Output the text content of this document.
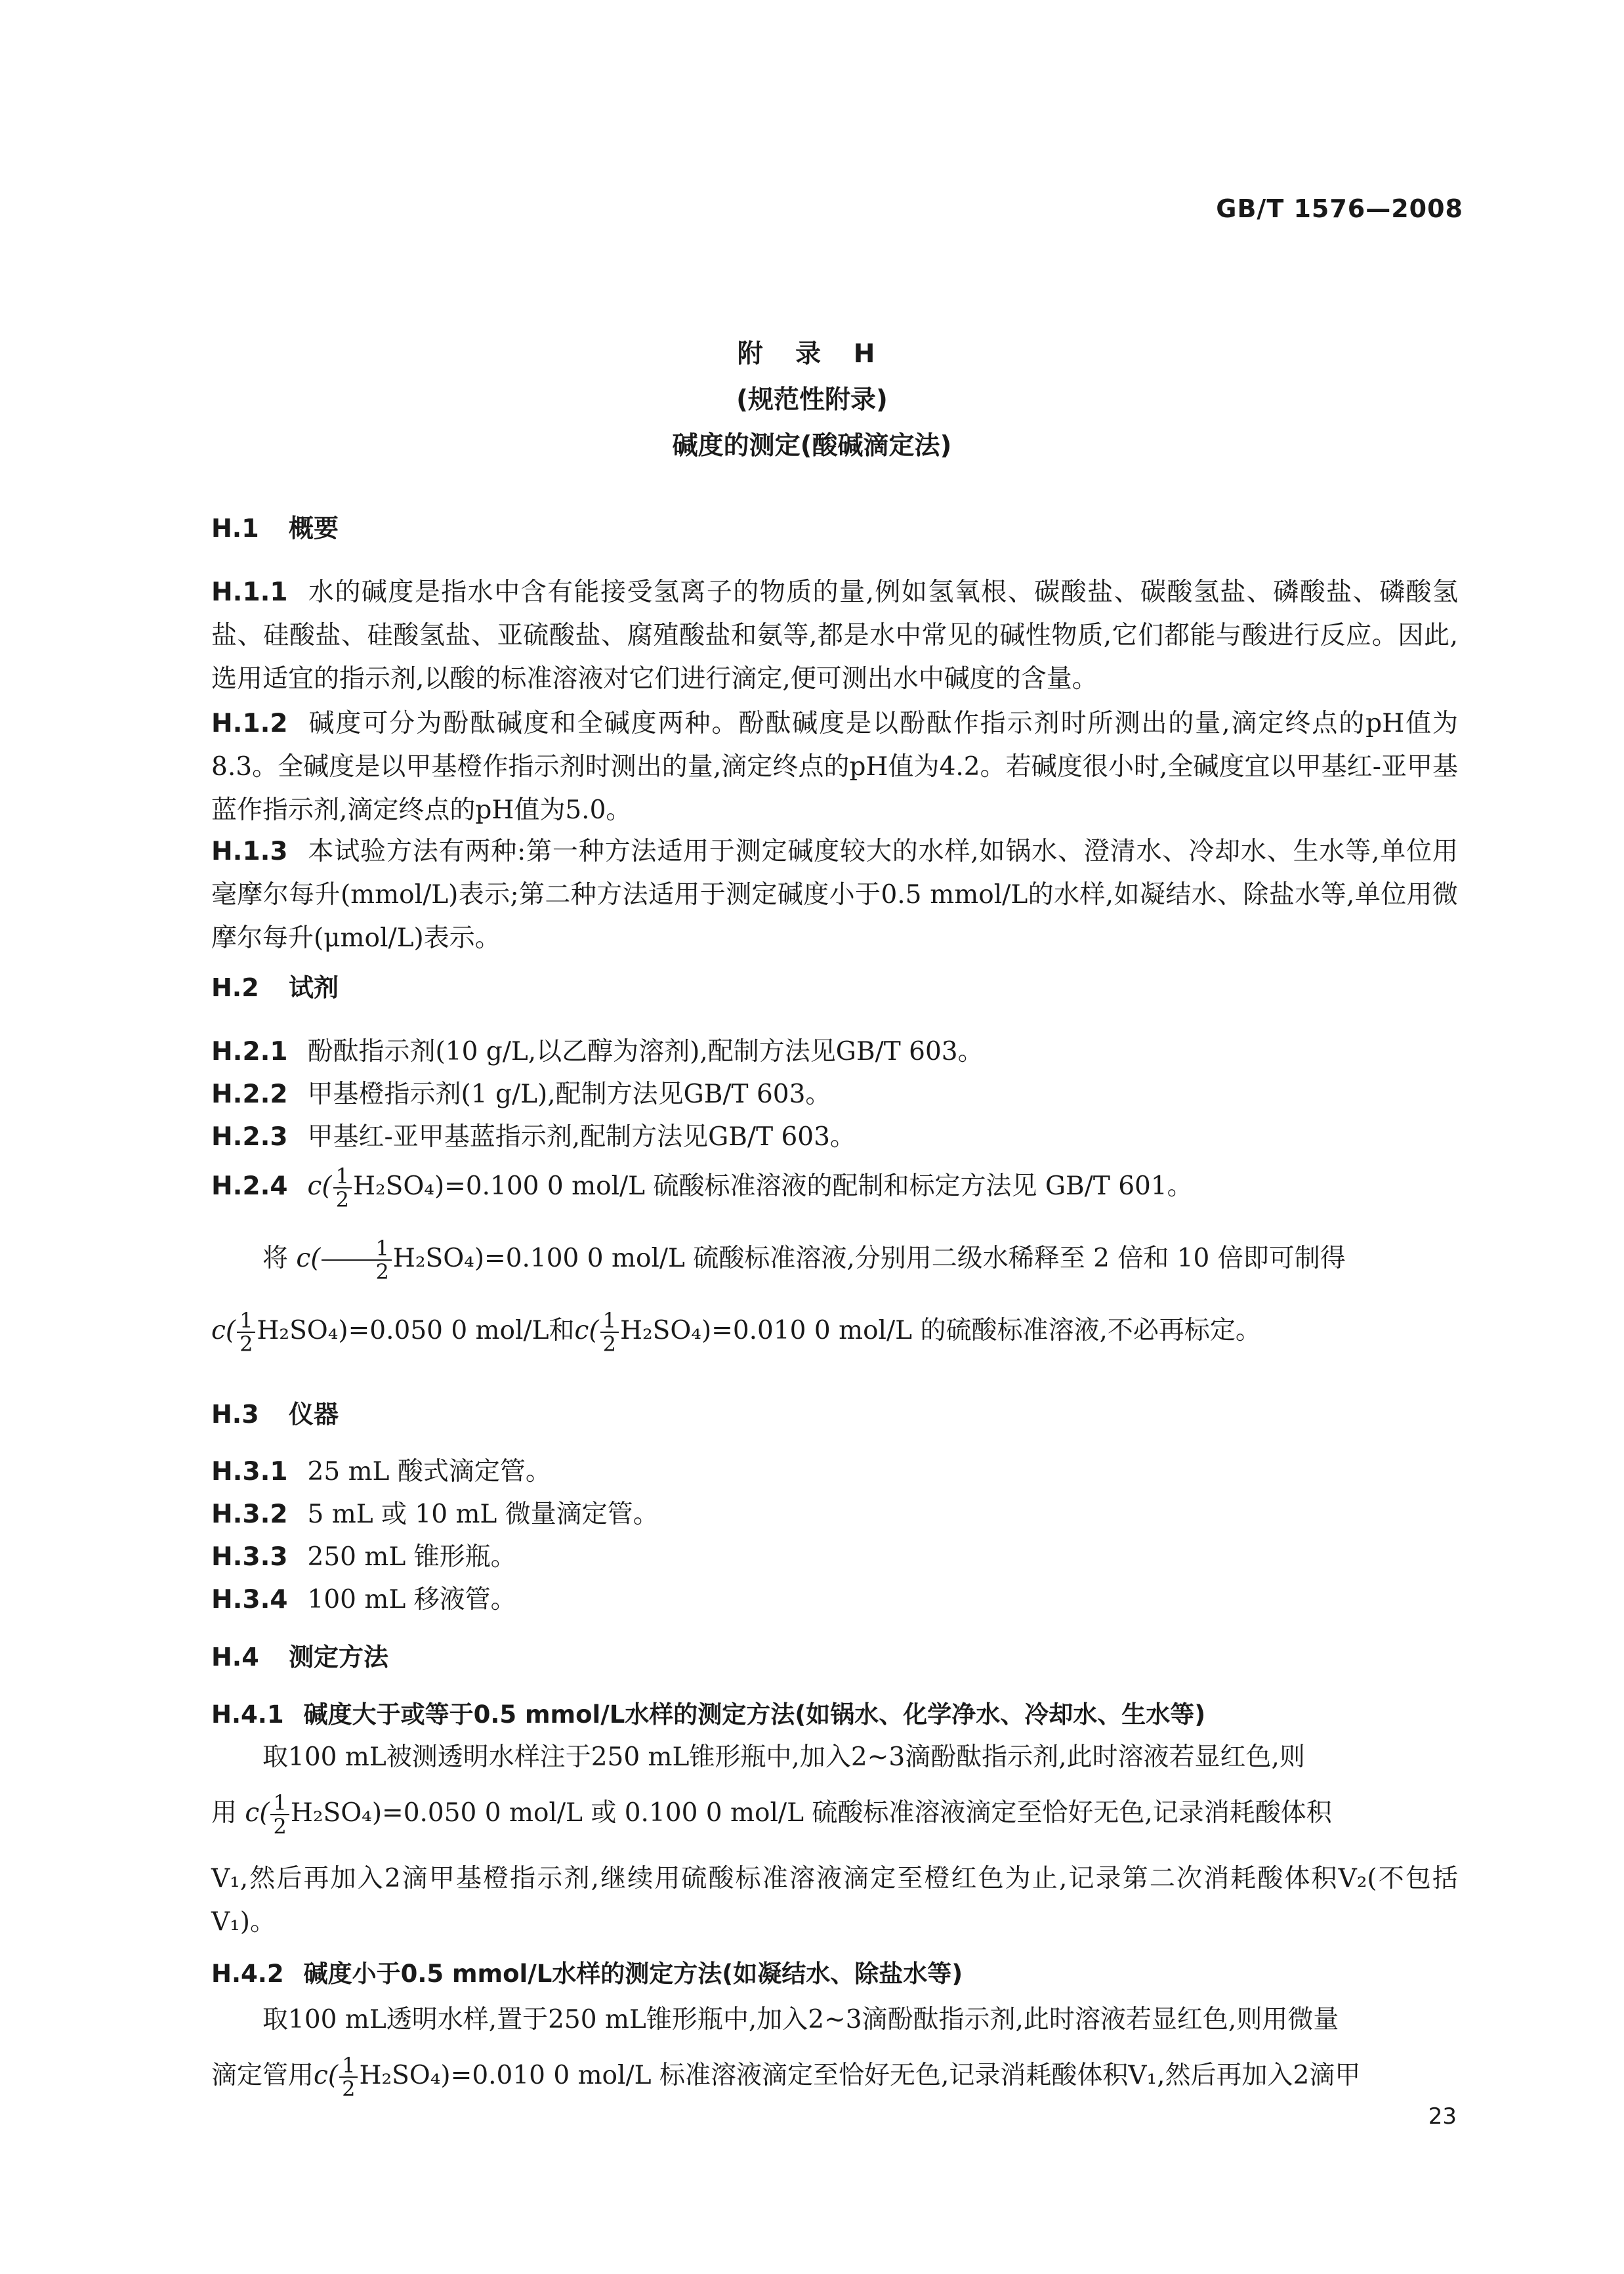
GB/T 1576—2008
附 录 H
(规范性附录)
碱度的测定(酸碱滴定法)
H.1 概要
H.1.1 水的碱度是指水中含有能接受氢离子的物质的量,例如氢氧根、碳酸盐、碳酸氢盐、磷酸盐、磷酸氢盐、硅酸盐、硅酸氢盐、亚硫酸盐、腐殖酸盐和氨等,都是水中常见的碱性物质,它们都能与酸进行反应。因此,选用适宜的指示剂,以酸的标准溶液对它们进行滴定,便可测出水中碱度的含量。
H.1.2 碱度可分为酚酞碱度和全碱度两种。酚酞碱度是以酚酞作指示剂时所测出的量,滴定终点的pH值为8.3。全碱度是以甲基橙作指示剂时测出的量,滴定终点的pH值为4.2。若碱度很小时,全碱度宜以甲基红-亚甲基蓝作指示剂,滴定终点的pH值为5.0。
H.1.3 本试验方法有两种:第一种方法适用于测定碱度较大的水样,如锅水、澄清水、冷却水、生水等,单位用毫摩尔每升(mmol/L)表示;第二种方法适用于测定碱度小于0.5 mmol/L的水样,如凝结水、除盐水等,单位用微摩尔每升(μmol/L)表示。
H.2 试剂
H.2.1 酚酞指示剂(10 g/L,以乙醇为溶剂),配制方法见GB/T 603。
H.2.2 甲基橙指示剂(1 g/L),配制方法见GB/T 603。
H.2.3 甲基红-亚甲基蓝指示剂,配制方法见GB/T 603。
H.2.4 $c( \frac{1}{2} H_2SO_4)=0.100$ 0 mol/L 硫酸标准溶液的配制和标定方法见 GB/T 601。
将 $c( \frac{1}{2} H_2SO_4)=0.100$ 0 mol/L 硫酸标准溶液,分别用二级水稀释至 2 倍和 10 倍即可制得
$c( \frac{1}{2} H_2SO_4)=0.050$ 0 mol/L和$c( \frac{1}{2} H_2SO_4)=0.010$ 0 mol/L 的硫酸标准溶液,不必再标定。
H.3 仪器
H.3.1 25 mL 酸式滴定管。
H.3.2 5 mL 或 10 mL 微量滴定管。
H.3.3 250 mL 锥形瓶。
H.3.4 100 mL 移液管。
H.4 测定方法
H.4.1 碱度大于或等于0.5 mmol/L水样的测定方法(如锅水、化学净水、冷却水、生水等)
取100 mL被测透明水样注于250 mL锥形瓶中,加入2~3滴酚酞指示剂,此时溶液若显红色,则
用 $c( \frac{1}{2} H_2SO_4)=0.050$ 0 mol/L 或 0.100 0 mol/L 硫酸标准溶液滴定至恰好无色,记录消耗酸体积
V₁,然后再加入2滴甲基橙指示剂,继续用硫酸标准溶液滴定至橙红色为止,记录第二次消耗酸体积V₂(不包括V₁)。
H.4.2 碱度小于0.5 mmol/L水样的测定方法(如凝结水、除盐水等)
取100 mL透明水样,置于250 mL锥形瓶中,加入2~3滴酚酞指示剂,此时溶液若显红色,则用微量
滴定管用$c( \frac{1}{2} H_2SO_4)=0.010$ 0 mol/L 标准溶液滴定至恰好无色,记录消耗酸体积V₁,然后再加入2滴甲
23
